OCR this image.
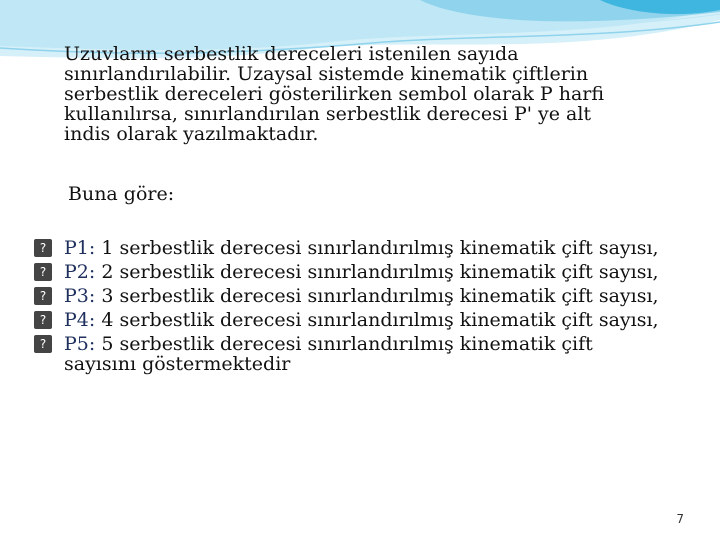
Uzuvların serbestlik dereceleri istenilen sayıda
sınırlandırılabilir. Uzaysal sistemde kinematik çiftlerin
serbestlik dereceleri gösterilirken sembol olarak P harfi
kullanılırsa, sınırlandırılan serbestlik derecesi P' ye alt
indis olarak yazılmaktadır.

Buna göre:

? P1: 1 serbestlik derecesi sınırlandırılmış kinematik çift sayısı,
? P2: 2 serbestlik derecesi sınırlandırılmış kinematik çift sayısı,
? P3: 3 serbestlik derecesi sınırlandırılmış kinematik çift sayısı,
? P4: 4 serbestlik derecesi sınırlandırılmış kinematik çift sayısı,
? P5: 5 serbestlik derecesi sınırlandırılmış kinematik çift sayısını göstermektedir
7
